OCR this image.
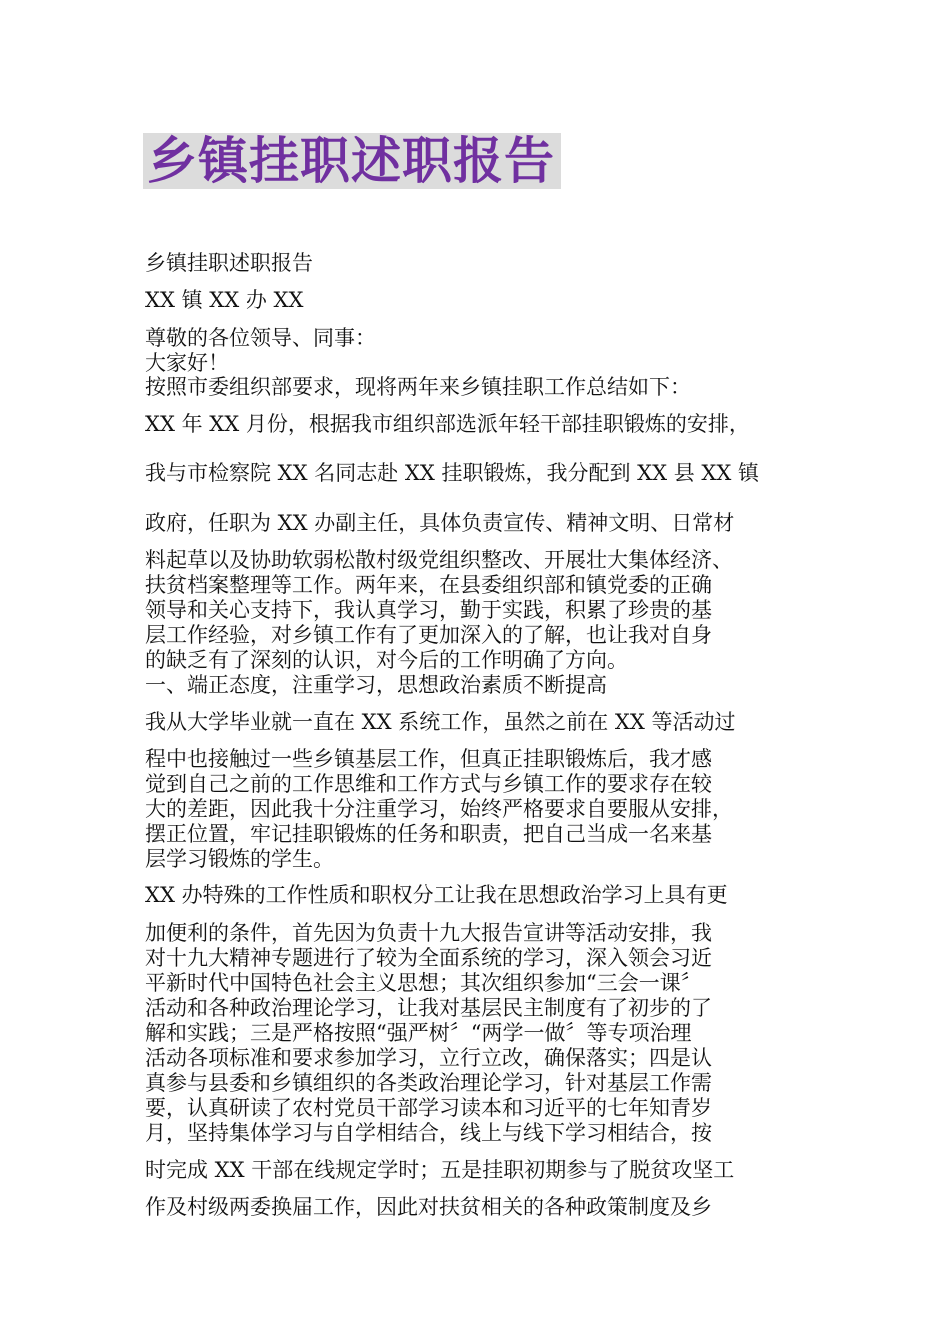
乡镇挂职述职报告

乡镇挂职述职报告

XX 镇 XX 办 XX

尊敬的各位领导、同事：

大家好！

按照市委组织部要求，现将两年来乡镇挂职工作总结如下：

XX 年 XX 月份，根据我市组织部选派年轻干部挂职锻炼的安排，

我与市检察院 XX 名同志赴 XX 挂职锻炼，我分配到 XX 县 XX 镇

政府，任职为 XX 办副主任，具体负责宣传、精神文明、日常材

料起草以及协助软弱松散村级党组织整改、开展壮大集体经济、

扶贫档案整理等工作。两年来，在县委组织部和镇党委的正确

领导和关心支持下，我认真学习，勤于实践，积累了珍贵的基

层工作经验，对乡镇工作有了更加深入的了解，也让我对自身

的缺乏有了深刻的认识，对今后的工作明确了方向。

一、端正态度，注重学习，思想政治素质不断提高

我从大学毕业就一直在 XX 系统工作，虽然之前在 XX 等活动过

程中也接触过一些乡镇基层工作，但真正挂职锻炼后，我才感

觉到自己之前的工作思维和工作方式与乡镇工作的要求存在较

大的差距，因此我十分注重学习，始终严格要求自要服从安排，

摆正位置，牢记挂职锻炼的任务和职责，把自己当成一名来基

层学习锻炼的学生。

XX 办特殊的工作性质和职权分工让我在思想政治学习上具有更

加便利的条件，首先因为负责十九大报告宣讲等活动安排，我

对十九大精神专题进行了较为全面系统的学习，深入领会习近

平新时代中国特色社会主义思想；其次组织参加“三会一课〞

活动和各种政治理论学习，让我对基层民主制度有了初步的了

解和实践；三是严格按照“强严树〞“两学一做〞等专项治理

活动各项标准和要求参加学习，立行立改，确保落实；四是认

真参与县委和乡镇组织的各类政治理论学习，针对基层工作需

要，认真研读了农村党员干部学习读本和习近平的七年知青岁

月，坚持集体学习与自学相结合，线上与线下学习相结合，按

时完成 XX 干部在线规定学时；五是挂职初期参与了脱贫攻坚工

作及村级两委换届工作，因此对扶贫相关的各种政策制度及乡
